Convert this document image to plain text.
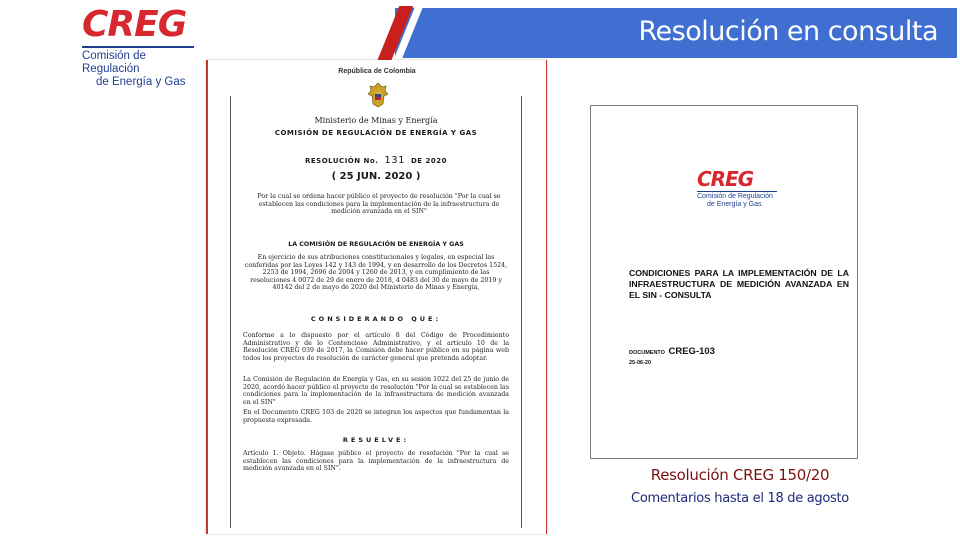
Resolución en consulta
CREG
Comisión de Regulación
de Energía y Gas
República de Colombia
Ministerio de Minas y Energía
COMISIÓN DE REGULACIÓN DE ENERGÍA Y GAS
RESOLUCIÓN No. 131 DE 2020
( 25 JUN. 2020 )
Por la cual se ordena hacer público el proyecto de resolución "Por la cual se establecen las condiciones para la implementación de la infraestructura de medición avanzada en el SIN"
LA COMISIÓN DE REGULACIÓN DE ENERGÍA Y GAS
En ejercicio de sus atribuciones constitucionales y legales, en especial las conferidas por las Leyes 142 y 143 de 1994, y en desarrollo de los Decretos 1524, 2253 de 1994, 2696 de 2004 y 1260 de 2013, y en cumplimiento de las resoluciones 4 0072 de 29 de enero de 2018, 4 0483 del 30 de mayo de 2019 y 40142 del 2 de mayo de 2020 del Ministerio de Minas y Energía,
CONSIDERANDO QUE:
Conforme a lo dispuesto por el artículo 8 del Código de Procedimiento Administrativo y de lo Contencioso Administrativo, y el artículo 10 de la Resolución CREG 039 de 2017, la Comisión debe hacer público en su página web todos los proyectos de resolución de carácter general que pretenda adoptar.
La Comisión de Regulación de Energía y Gas, en su sesión 1022 del 25 de junio de 2020, acordó hacer público el proyecto de resolución "Por la cual se establecen las condiciones para la implementación de la infraestructura de medición avanzada en el SIN"
En el Documento CREG 103 de 2020 se integran los aspectos que fundamentan la propuesta expresada.
RESUELVE:
Artículo 1. Objeto. Hágase público el proyecto de resolución "Por la cual se establecen las condiciones para la implementación de la infraestructura de medición avanzada en el SIN".
CREG
Comisión de Regulación
de Energía y Gas
CONDICIONES PARA LA IMPLEMENTACIÓN DE LA INFRAESTRUCTURA DE MEDICIÓN AVANZADA EN EL SIN - CONSULTA
DOCUMENTO CREG-103
25-06-20
Resolución CREG 150/20
Comentarios hasta el 18 de agosto
